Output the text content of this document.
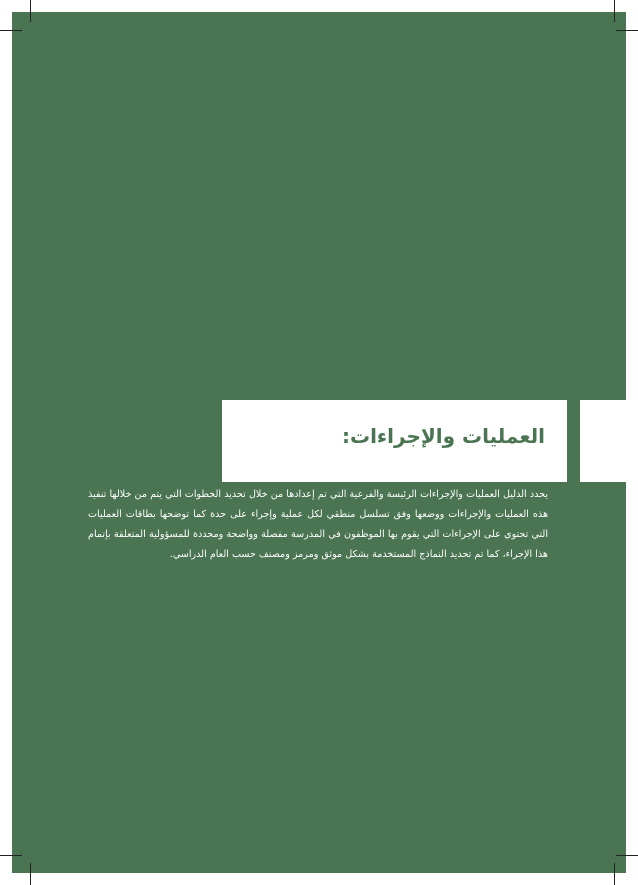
العمليات والإجراءات:
يحدد الدليل العمليات والإجراءات الرئيسة والفرعية التي تم إعدادها من خلال تحديد الخطوات التي يتم من خلالها تنفيذ هذه العمليات والإجراءات ووضعها وفق تسلسل منطقي لكل عملية وإجراء على حدة كما توضحها بطاقات العمليات التي تحتوي على الإجراءات التي يقوم بها الموظفون في المدرسة مفصلة وواضحة ومحددة للمسؤولية المتعلقة بإتمام هذا الإجراء، كما تم تحديد النماذج المستخدمة بشكل موثق ومرمز ومصنف حسب العام الدراسي.
